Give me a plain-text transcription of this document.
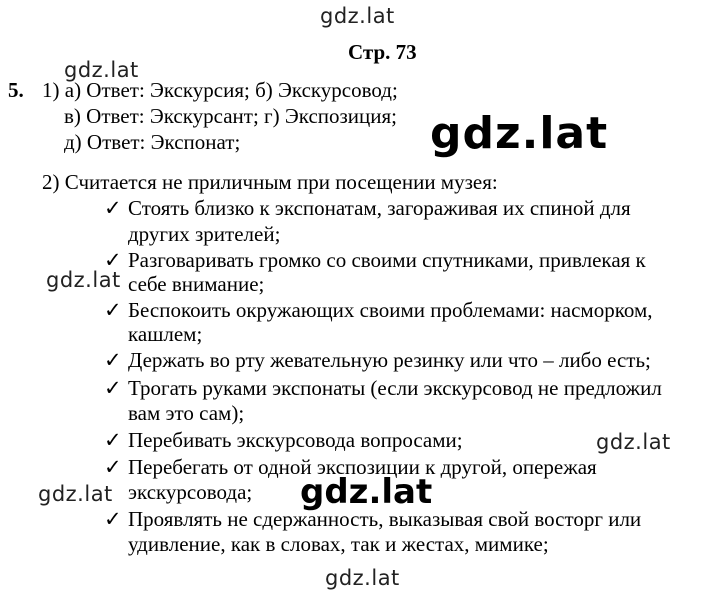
gdz.lat
gdz.lat
gdz.lat
gdz.lat
gdz.lat
gdz.lat	gdz.lat
gdz.lat
Стр. 73
5. 1) а) Ответ: Экскурсия; б) Экскурсовод;
в) Ответ: Экскурсант; г) Экспозиция;
д) Ответ: Экспонат;
2) Считается не приличным при посещении музея:
✓ Стоять близко к экспонатам, загораживая их спиной для
других зрителей;
✓ Разговаривать громко со своими спутниками, привлекая к
себе внимание;
✓ Беспокоить окружающих своими проблемами: насморком,
кашлем;
✓ Держать во рту жевательную резинку или что – либо есть;
✓ Трогать руками экспонаты (если экскурсовод не предложил
вам это сам);
✓ Перебивать экскурсовода вопросами;
✓ Перебегать от одной экспозиции к другой, опережая
экскурсовода;
✓ Проявлять не сдержанность, выказывая свой восторг или
удивление, как в словах, так и жестах, мимике;
